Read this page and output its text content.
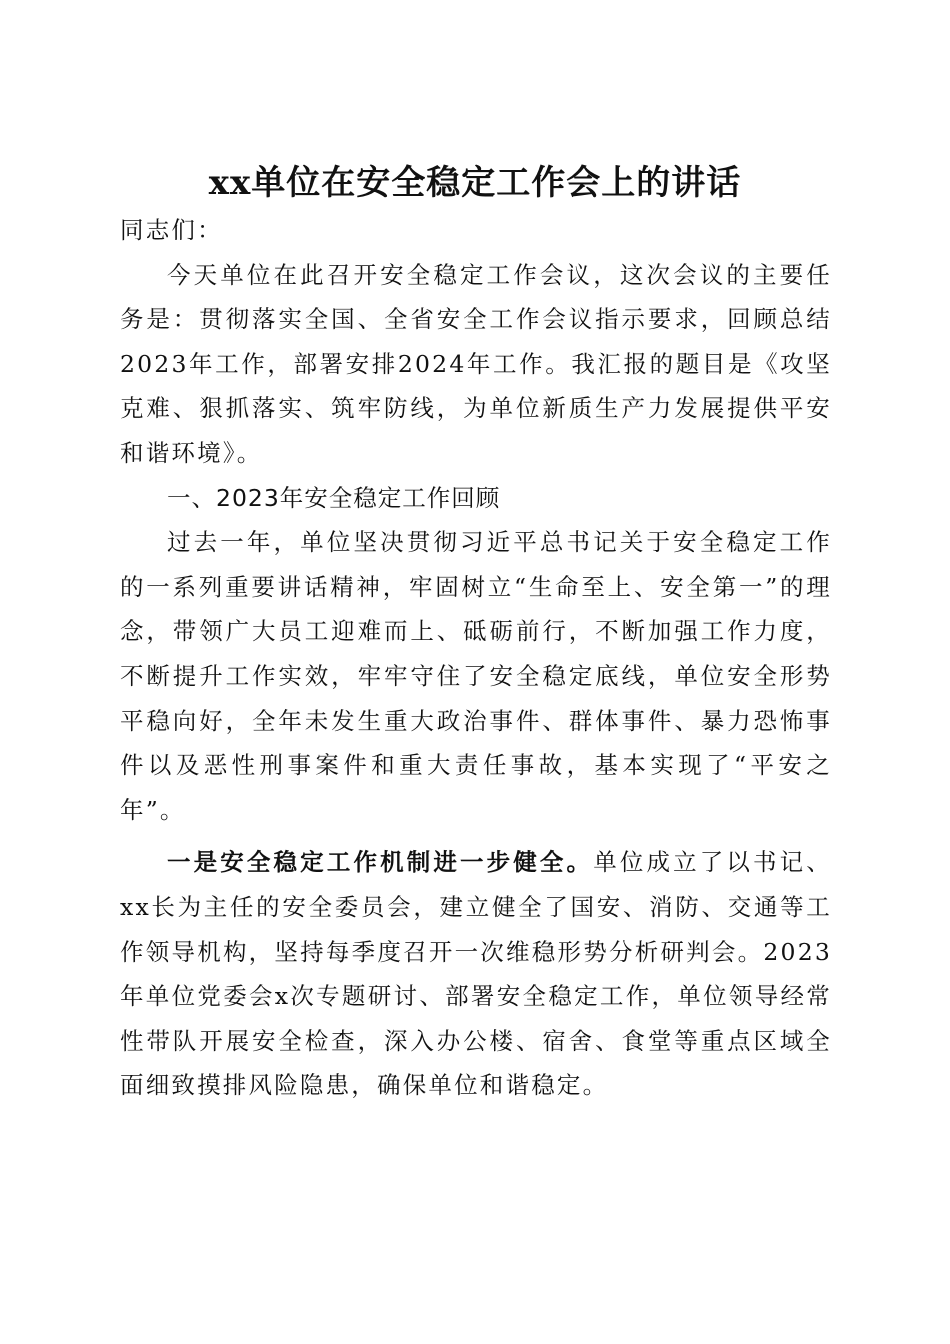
xx单位在安全稳定工作会上的讲话

同志们：

今天单位在此召开安全稳定工作会议，这次会议的主要任务是：贯彻落实全国、全省安全工作会议指示要求，回顾总结2023年工作，部署安排2024年工作。我汇报的题目是《攻坚克难、狠抓落实、筑牢防线，为单位新质生产力发展提供平安和谐环境》。

一、2023年安全稳定工作回顾

过去一年，单位坚决贯彻习近平总书记关于安全稳定工作的一系列重要讲话精神，牢固树立“生命至上、安全第一”的理念，带领广大员工迎难而上、砥砺前行，不断加强工作力度，不断提升工作实效，牢牢守住了安全稳定底线，单位安全形势平稳向好，全年未发生重大政治事件、群体事件、暴力恐怖事件以及恶性刑事案件和重大责任事故，基本实现了“平安之年”。

一是安全稳定工作机制进一步健全。单位成立了以书记、xx长为主任的安全委员会，建立健全了国安、消防、交通等工作领导机构，坚持每季度召开一次维稳形势分析研判会。2023年单位党委会x次专题研讨、部署安全稳定工作，单位领导经常性带队开展安全检查，深入办公楼、宿舍、食堂等重点区域全面细致摸排风险隐患，确保单位和谐稳定。
